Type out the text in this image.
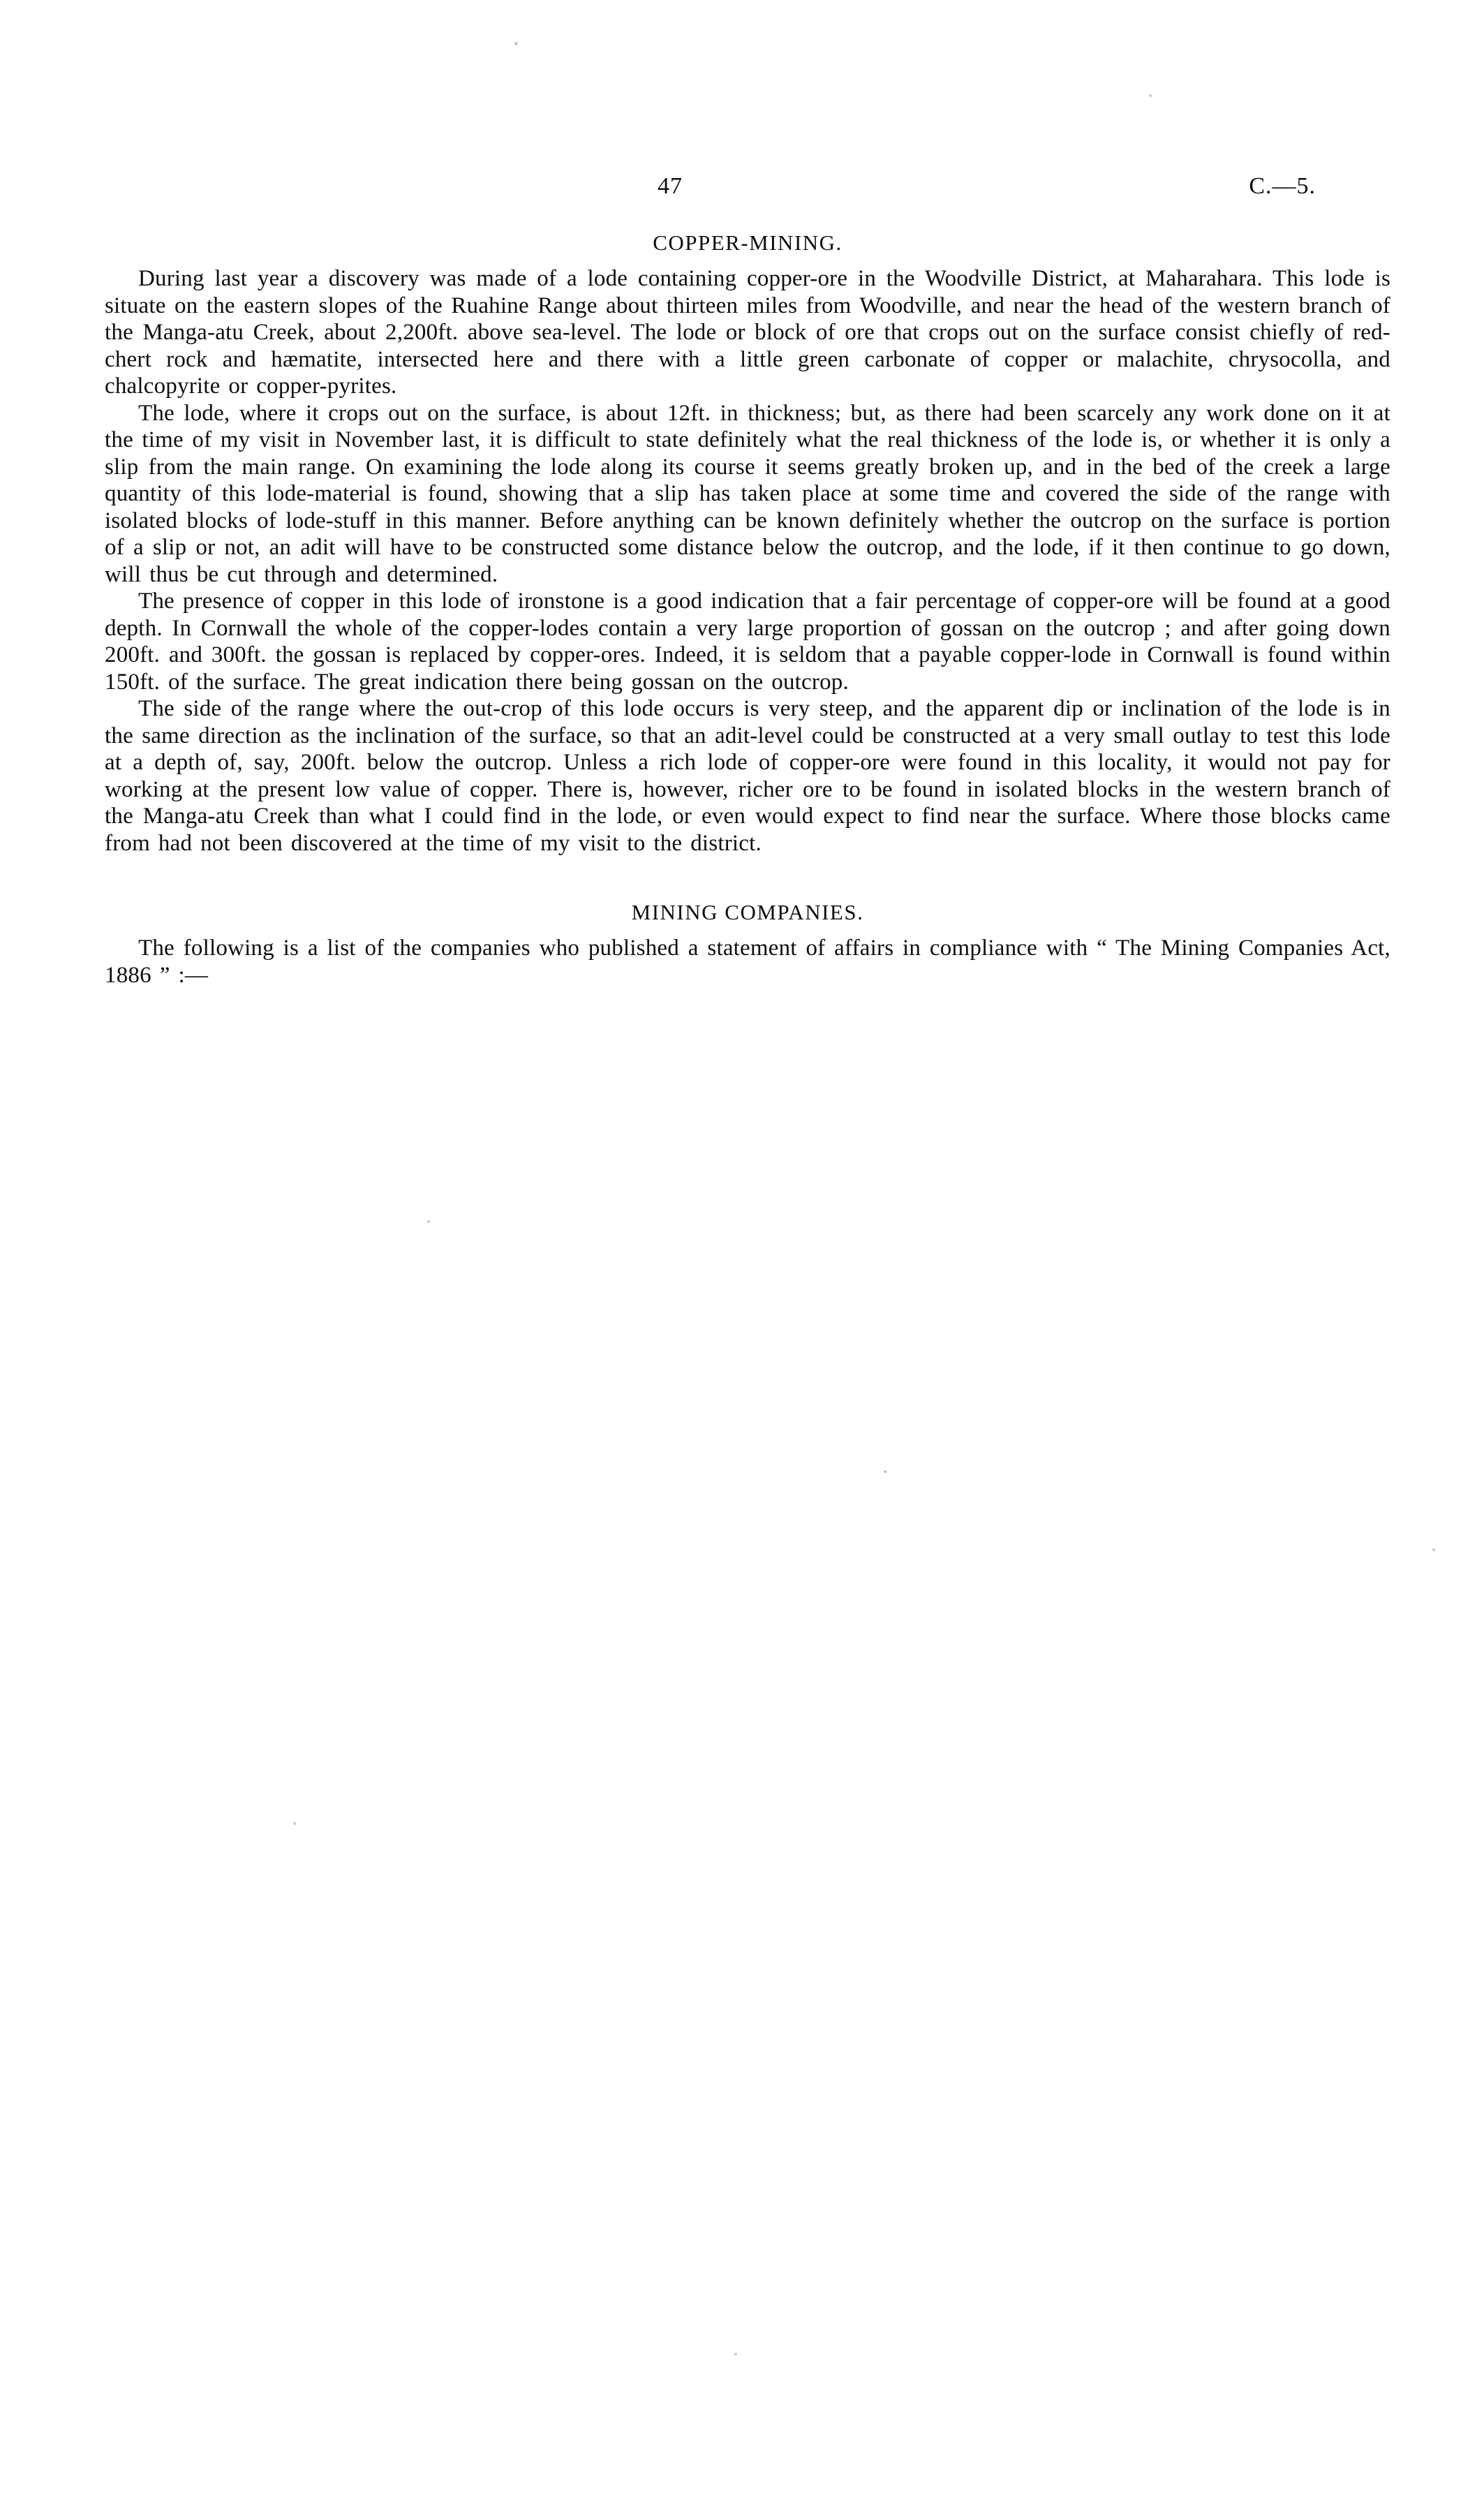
47	C.—5.
COPPER-MINING.

During last year a discovery was made of a lode containing copper-ore in the Woodville District, at Maharahara. This lode is situate on the eastern slopes of the Ruahine Range about thirteen miles from Woodville, and near the head of the western branch of the Manga-atu Creek, about 2,200ft. above sea-level. The lode or block of ore that crops out on the surface consist chiefly of red-chert rock and hæmatite, intersected here and there with a little green carbonate of copper or malachite, chrysocolla, and chalcopyrite or copper-pyrites.

The lode, where it crops out on the surface, is about 12ft. in thickness; but, as there had been scarcely any work done on it at the time of my visit in November last, it is difficult to state definitely what the real thickness of the lode is, or whether it is only a slip from the main range. On examining the lode along its course it seems greatly broken up, and in the bed of the creek a large quantity of this lode-material is found, showing that a slip has taken place at some time and covered the side of the range with isolated blocks of lode-stuff in this manner. Before anything can be known definitely whether the outcrop on the surface is portion of a slip or not, an adit will have to be constructed some distance below the outcrop, and the lode, if it then continue to go down, will thus be cut through and determined.

The presence of copper in this lode of ironstone is a good indication that a fair percentage of copper-ore will be found at a good depth. In Cornwall the whole of the copper-lodes contain a very large proportion of gossan on the outcrop ; and after going down 200ft. and 300ft. the gossan is replaced by copper-ores. Indeed, it is seldom that a payable copper-lode in Cornwall is found within 150ft. of the surface. The great indication there being gossan on the outcrop.

The side of the range where the out-crop of this lode occurs is very steep, and the apparent dip or inclination of the lode is in the same direction as the inclination of the surface, so that an adit-level could be constructed at a very small outlay to test this lode at a depth of, say, 200ft. below the outcrop. Unless a rich lode of copper-ore were found in this locality, it would not pay for working at the present low value of copper. There is, however, richer ore to be found in isolated blocks in the western branch of the Manga-atu Creek than what I could find in the lode, or even would expect to find near the surface. Where those blocks came from had not been discovered at the time of my visit to the district.

MINING COMPANIES.

The following is a list of the companies who published a statement of affairs in compliance with “ The Mining Companies Act, 1886 ” :—
